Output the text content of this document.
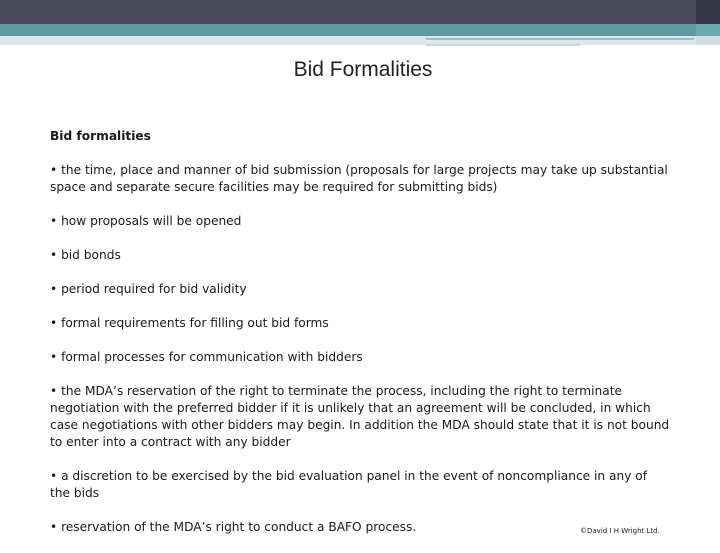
Bid Formalities
Bid formalities
• the time, place and manner of bid submission (proposals for large projects may take up substantial space and separate secure facilities may be required for submitting bids)
• how proposals will be opened
• bid bonds
• period required for bid validity
• formal requirements for filling out bid forms
• formal processes for communication with bidders
• the MDA’s reservation of the right to terminate the process, including the right to terminate negotiation with the preferred bidder if it is unlikely that an agreement will be concluded, in which case negotiations with other bidders may begin. In addition the MDA should state that it is not bound to enter into a contract with any bidder
• a discretion to be exercised by the bid evaluation panel in the event of noncompliance in any of the bids
• reservation of the MDA’s right to conduct a BAFO process.	©David I H Wright Ltd.
